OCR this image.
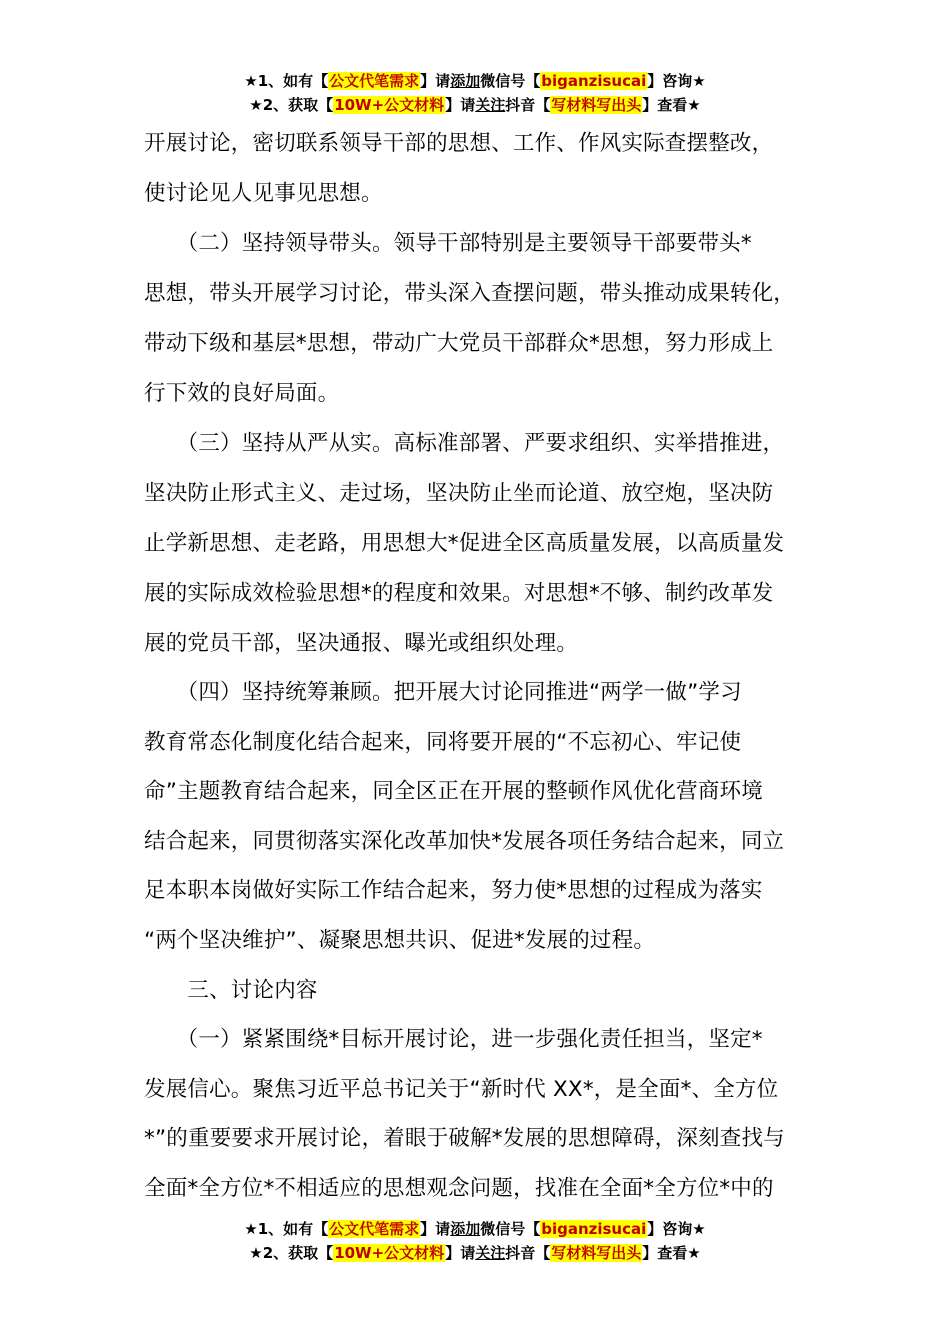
★1、如有【公文代笔需求】请添加微信号【biganzisucai】咨询★
★2、获取【10W+公文材料】请关注抖音【写材料写出头】查看★
开展讨论，密切联系领导干部的思想、工作、作风实际查摆整改，
使讨论见人见事见思想。
　　（二）坚持领导带头。领导干部特别是主要领导干部要带头*
思想，带头开展学习讨论，带头深入查摆问题，带头推动成果转化，
带动下级和基层*思想，带动广大党员干部群众*思想，努力形成上
行下效的良好局面。
　　（三）坚持从严从实。高标准部署、严要求组织、实举措推进，
坚决防止形式主义、走过场，坚决防止坐而论道、放空炮，坚决防
止学新思想、走老路，用思想大*促进全区高质量发展，以高质量发
展的实际成效检验思想*的程度和效果。对思想*不够、制约改革发
展的党员干部，坚决通报、曝光或组织处理。
　　（四）坚持统筹兼顾。把开展大讨论同推进“两学一做”学习
教育常态化制度化结合起来，同将要开展的“不忘初心、牢记使
命”主题教育结合起来，同全区正在开展的整顿作风优化营商环境
结合起来，同贯彻落实深化改革加快*发展各项任务结合起来，同立
足本职本岗做好实际工作结合起来，努力使*思想的过程成为落实
“两个坚决维护”、凝聚思想共识、促进*发展的过程。
　　三、讨论内容
　　（一）紧紧围绕*目标开展讨论，进一步强化责任担当，坚定*
发展信心。聚焦习近平总书记关于“新时代 XX*，是全面*、全方位
*”的重要要求开展讨论，着眼于破解*发展的思想障碍，深刻查找与
全面*全方位*不相适应的思想观念问题，找准在全面*全方位*中的
★1、如有【公文代笔需求】请添加微信号【biganzisucai】咨询★
★2、获取【10W+公文材料】请关注抖音【写材料写出头】查看★
